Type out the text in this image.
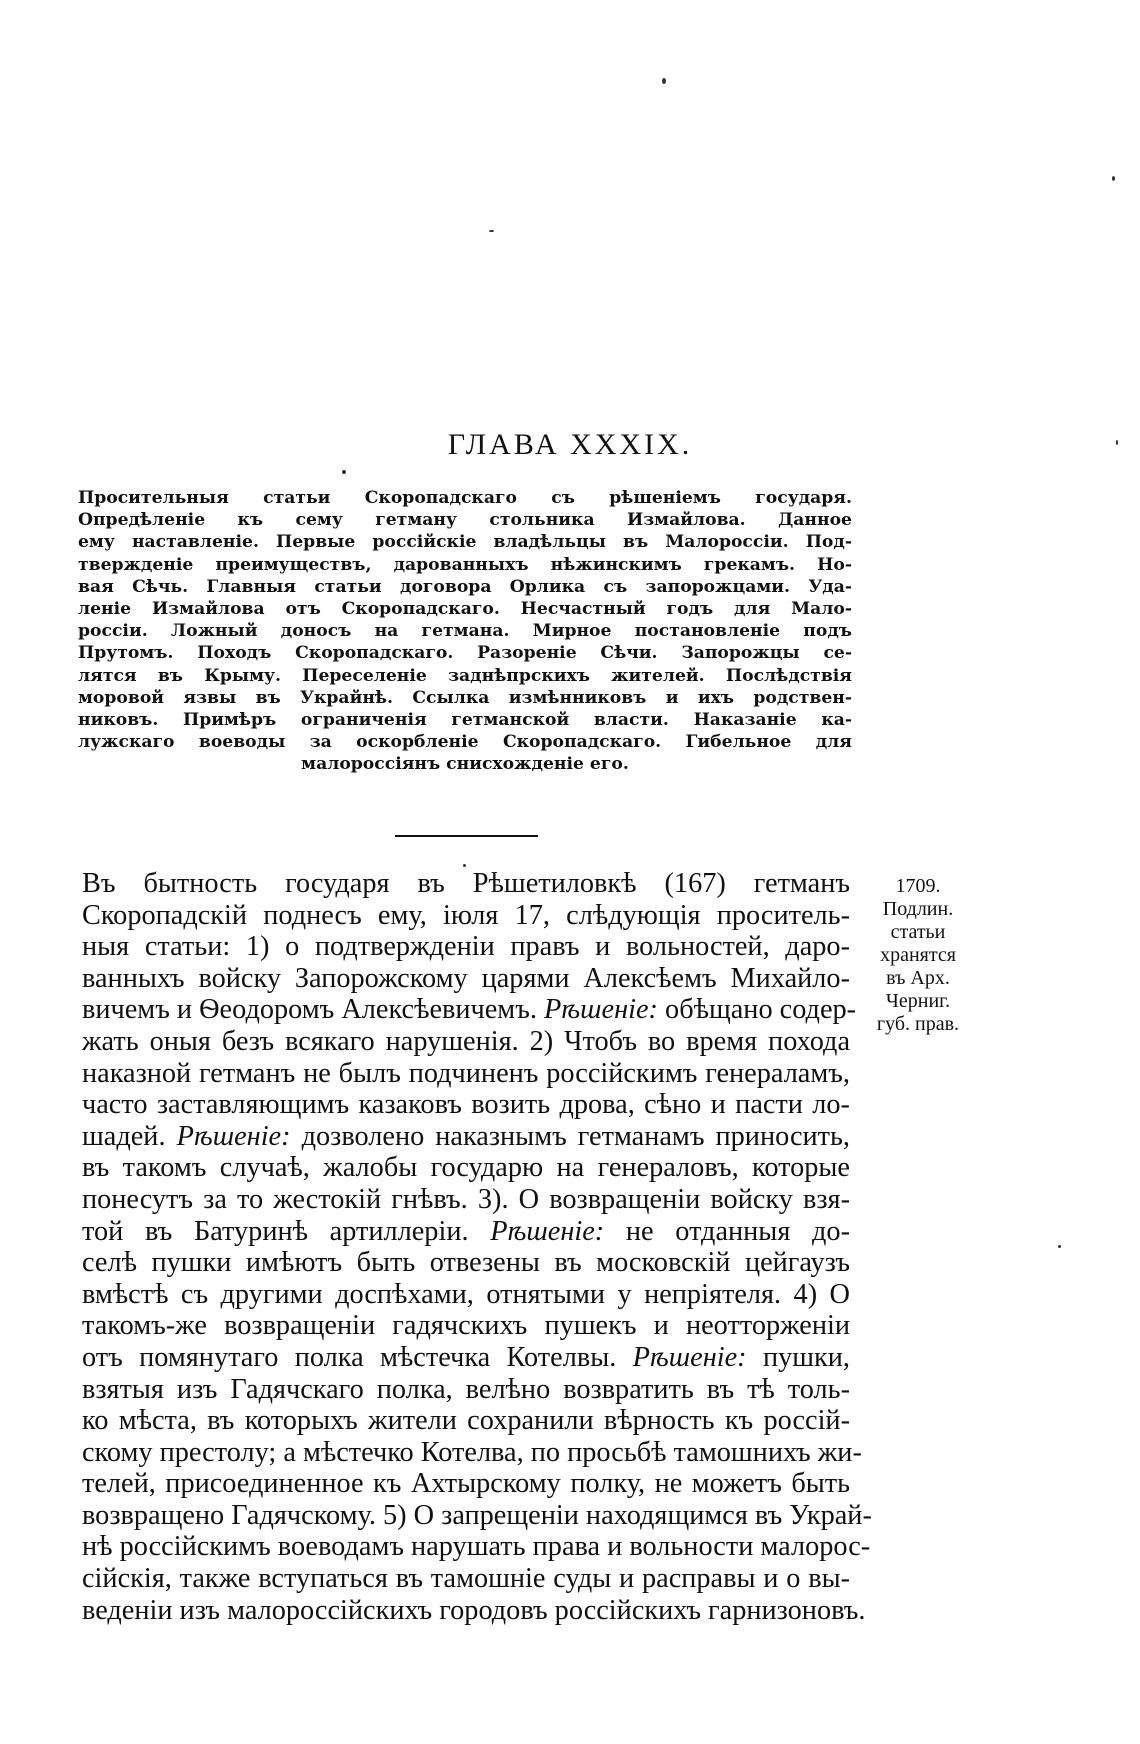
ГЛАВА XXXIX.
Просительныя статьи Скоропадскаго съ рѣшеніемъ государя.
Опредѣленіе къ сему гетману стольника Измайлова. Данное
ему наставленіе. Первые россійскіе владѣльцы въ Малороссіи. Под-
твержденіе преимуществъ, дарованныхъ нѣжинскимъ грекамъ. Но-
вая Сѣчь. Главныя статьи договора Орлика съ запорожцами. Уда-
леніе Измайлова отъ Скоропадскаго. Несчастный годъ для Мало-
россіи. Ложный доносъ на гетмана. Мирное постановленіе подъ
Прутомъ. Походъ Скоропадскаго. Разореніе Сѣчи. Запорожцы се-
лятся въ Крыму. Переселеніе заднѣпрскихъ жителей. Послѣдствія
моровой язвы въ Украйнѣ. Ссылка измѣнниковъ и ихъ родствен-
никовъ. Примѣръ ограниченія гетманской власти. Наказаніе ка-
лужскаго воеводы за оскорбленіе Скоропадскаго. Гибельное для
малороссіянъ снисхожденіе его.
Въ бытность государя въ Рѣшетиловкѣ (167) гетманъ
Скоропадскій поднесъ ему, іюля 17, слѣдующія проситель-
ныя статьи: 1) о подтвержденіи правъ и вольностей, даро-
ванныхъ войску Запорожскому царями Алексѣемъ Михайло-
вичемъ и Ѳеодоромъ Алексѣевичемъ. Рѣшеніе: обѣщано содер-
жать оныя безъ всякаго нарушенія. 2) Чтобъ во время похода
наказной гетманъ не былъ подчиненъ россійскимъ генераламъ,
часто заставляющимъ казаковъ возить дрова, сѣно и пасти ло-
шадей. Рѣшеніе: дозволено наказнымъ гетманамъ приносить,
въ такомъ случаѣ, жалобы государю на генераловъ, которые
понесутъ за то жестокій гнѣвъ. 3). О возвращеніи войску взя-
той въ Батуринѣ артиллеріи. Рѣшеніе: не отданныя до-
селѣ пушки имѣютъ быть отвезены въ московскій цейгаузъ
вмѣстѣ съ другими доспѣхами, отнятыми у непріятеля. 4) О
такомъ-же возвращеніи гадячскихъ пушекъ и неотторженіи
отъ помянутаго полка мѣстечка Котелвы. Рѣшеніе: пушки,
взятыя изъ Гадячскаго полка, велѣно возвратить въ тѣ толь-
ко мѣста, въ которыхъ жители сохранили вѣрность къ россій-
скому престолу; а мѣстечко Котелва, по просьбѣ тамошнихъ жи-
телей, присоединенное къ Ахтырскому полку, не можетъ быть
возвращено Гадячскому. 5) О запрещеніи находящимся въ Украй-
нѣ россійскимъ воеводамъ нарушать права и вольности малорос-
сійскія, также вступаться въ тамошніе суды и расправы и о вы-
веденіи изъ малороссійскихъ городовъ россійскихъ гарнизоновъ.
1709.
Подлин.
статьи
хранятся
въ Арх.
Черниг.
губ. прав.
